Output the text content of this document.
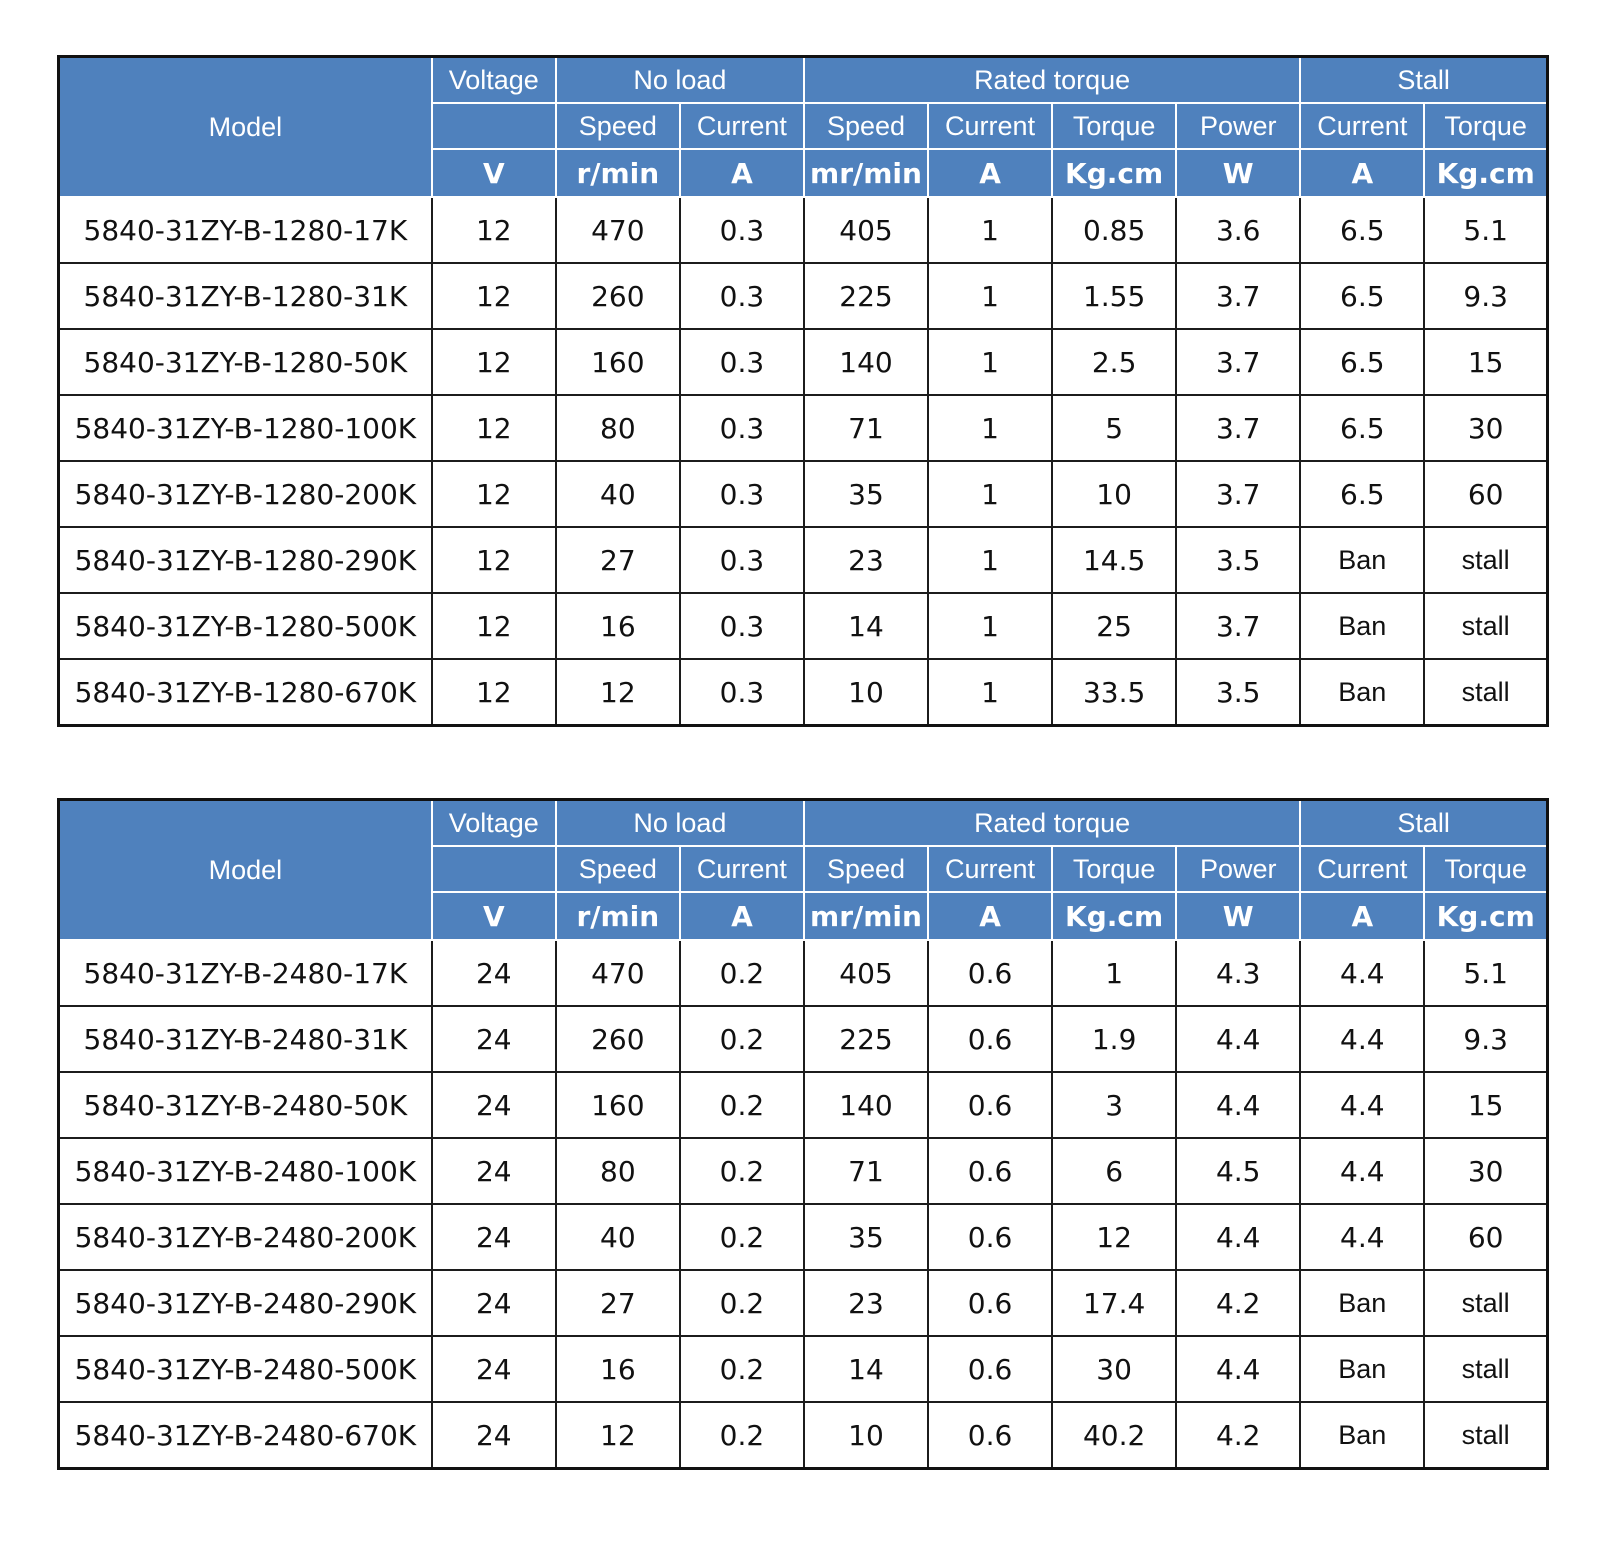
Model	Voltage	No load		Rated torque				Stall	
		Speed	Current	Speed	Current	Torque	Power	Current	Torque
	V	r/min	A	mr/min	A	Kg.cm	W	A	Kg.cm
5840-31ZY-B-1280-17K	12	470	0.3	405	1	0.85	3.6	6.5	5.1
5840-31ZY-B-1280-31K	12	260	0.3	225	1	1.55	3.7	6.5	9.3
5840-31ZY-B-1280-50K	12	160	0.3	140	1	2.5	3.7	6.5	15
5840-31ZY-B-1280-100K	12	80	0.3	71	1	5	3.7	6.5	30
5840-31ZY-B-1280-200K	12	40	0.3	35	1	10	3.7	6.5	60
5840-31ZY-B-1280-290K	12	27	0.3	23	1	14.5	3.5	Ban	stall
5840-31ZY-B-1280-500K	12	16	0.3	14	1	25	3.7	Ban	stall
5840-31ZY-B-1280-670K	12	12	0.3	10	1	33.5	3.5	Ban	stall
Model	Voltage	No load		Rated torque				Stall	
		Speed	Current	Speed	Current	Torque	Power	Current	Torque
	V	r/min	A	mr/min	A	Kg.cm	W	A	Kg.cm
5840-31ZY-B-2480-17K	24	470	0.2	405	0.6	1	4.3	4.4	5.1
5840-31ZY-B-2480-31K	24	260	0.2	225	0.6	1.9	4.4	4.4	9.3
5840-31ZY-B-2480-50K	24	160	0.2	140	0.6	3	4.4	4.4	15
5840-31ZY-B-2480-100K	24	80	0.2	71	0.6	6	4.5	4.4	30
5840-31ZY-B-2480-200K	24	40	0.2	35	0.6	12	4.4	4.4	60
5840-31ZY-B-2480-290K	24	27	0.2	23	0.6	17.4	4.2	Ban	stall
5840-31ZY-B-2480-500K	24	16	0.2	14	0.6	30	4.4	Ban	stall
5840-31ZY-B-2480-670K	24	12	0.2	10	0.6	40.2	4.2	Ban	stall
